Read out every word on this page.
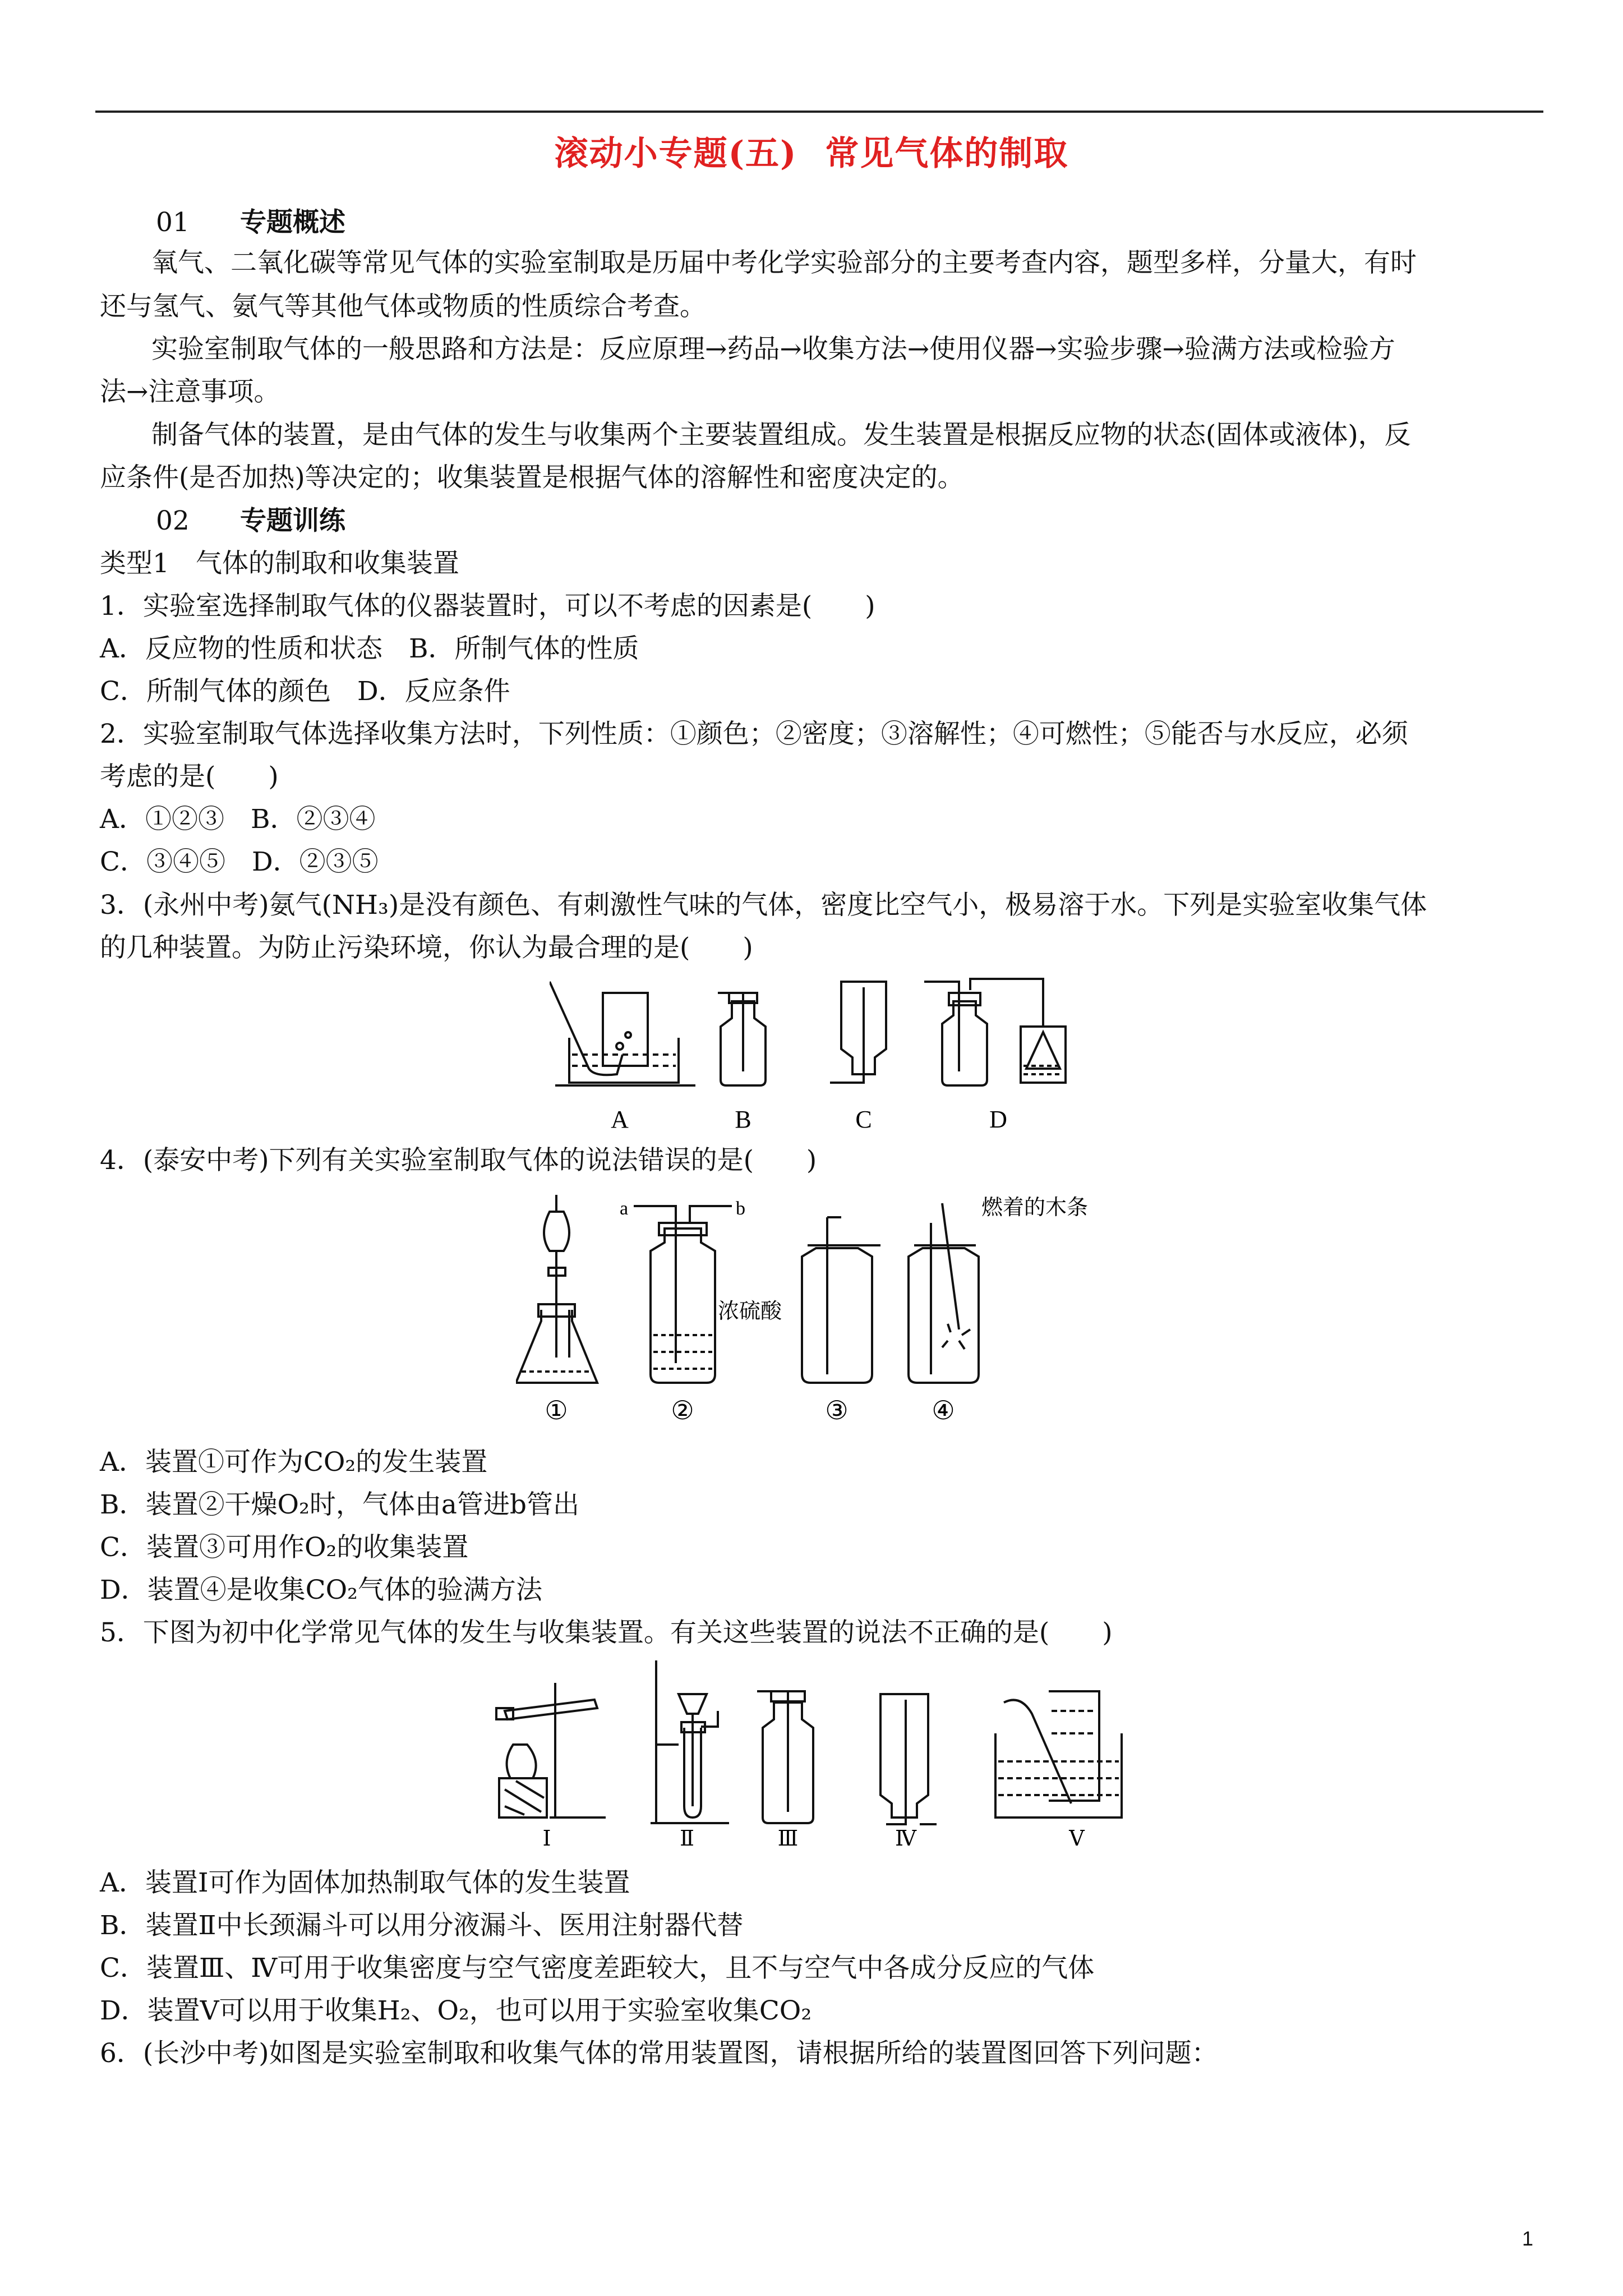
滚动小专题(五) 常见气体的制取
01 专题概述
氧气、二氧化碳等常见气体的实验室制取是历届中考化学实验部分的主要考查内容，题型多样，分量大，有时
还与氢气、氨气等其他气体或物质的性质综合考查。
实验室制取气体的一般思路和方法是：反应原理→药品→收集方法→使用仪器→实验步骤→验满方法或检验方
法→注意事项。
制备气体的装置，是由气体的发生与收集两个主要装置组成。发生装置是根据反应物的状态(固体或液体)，反
应条件(是否加热)等决定的；收集装置是根据气体的溶解性和密度决定的。
02 专题训练
类型1　气体的制取和收集装置
1．实验室选择制取气体的仪器装置时，可以不考虑的因素是(　　)
A．反应物的性质和状态　B．所制气体的性质
C．所制气体的颜色　D．反应条件
2．实验室制取气体选择收集方法时，下列性质：①颜色；②密度；③溶解性；④可燃性；⑤能否与水反应，必须
考虑的是(　　)
A．①②③　B．②③④
C．③④⑤　D．②③⑤
3．(永州中考)氨气(NH₃)是没有颜色、有刺激性气味的气体，密度比空气小，极易溶于水。下列是实验室收集气体
的几种装置。为防止污染环境，你认为最合理的是(　　)
A	B	C	D
4．(泰安中考)下列有关实验室制取气体的说法错误的是(　　)
a	b
浓硫酸
燃着的木条
①	②	③	④
A．装置①可作为CO₂的发生装置
B．装置②干燥O₂时，气体由a管进b管出
C．装置③可用作O₂的收集装置
D．装置④是收集CO₂气体的验满方法
5．下图为初中化学常见气体的发生与收集装置。有关这些装置的说法不正确的是(　　)
Ⅰ	Ⅱ	Ⅲ	Ⅳ	Ⅴ
A．装置Ⅰ可作为固体加热制取气体的发生装置
B．装置Ⅱ中长颈漏斗可以用分液漏斗、医用注射器代替
C．装置Ⅲ、Ⅳ可用于收集密度与空气密度差距较大，且不与空气中各成分反应的气体
D．装置Ⅴ可以用于收集H₂、O₂，也可以用于实验室收集CO₂
6．(长沙中考)如图是实验室制取和收集气体的常用装置图，请根据所给的装置图回答下列问题：
1
